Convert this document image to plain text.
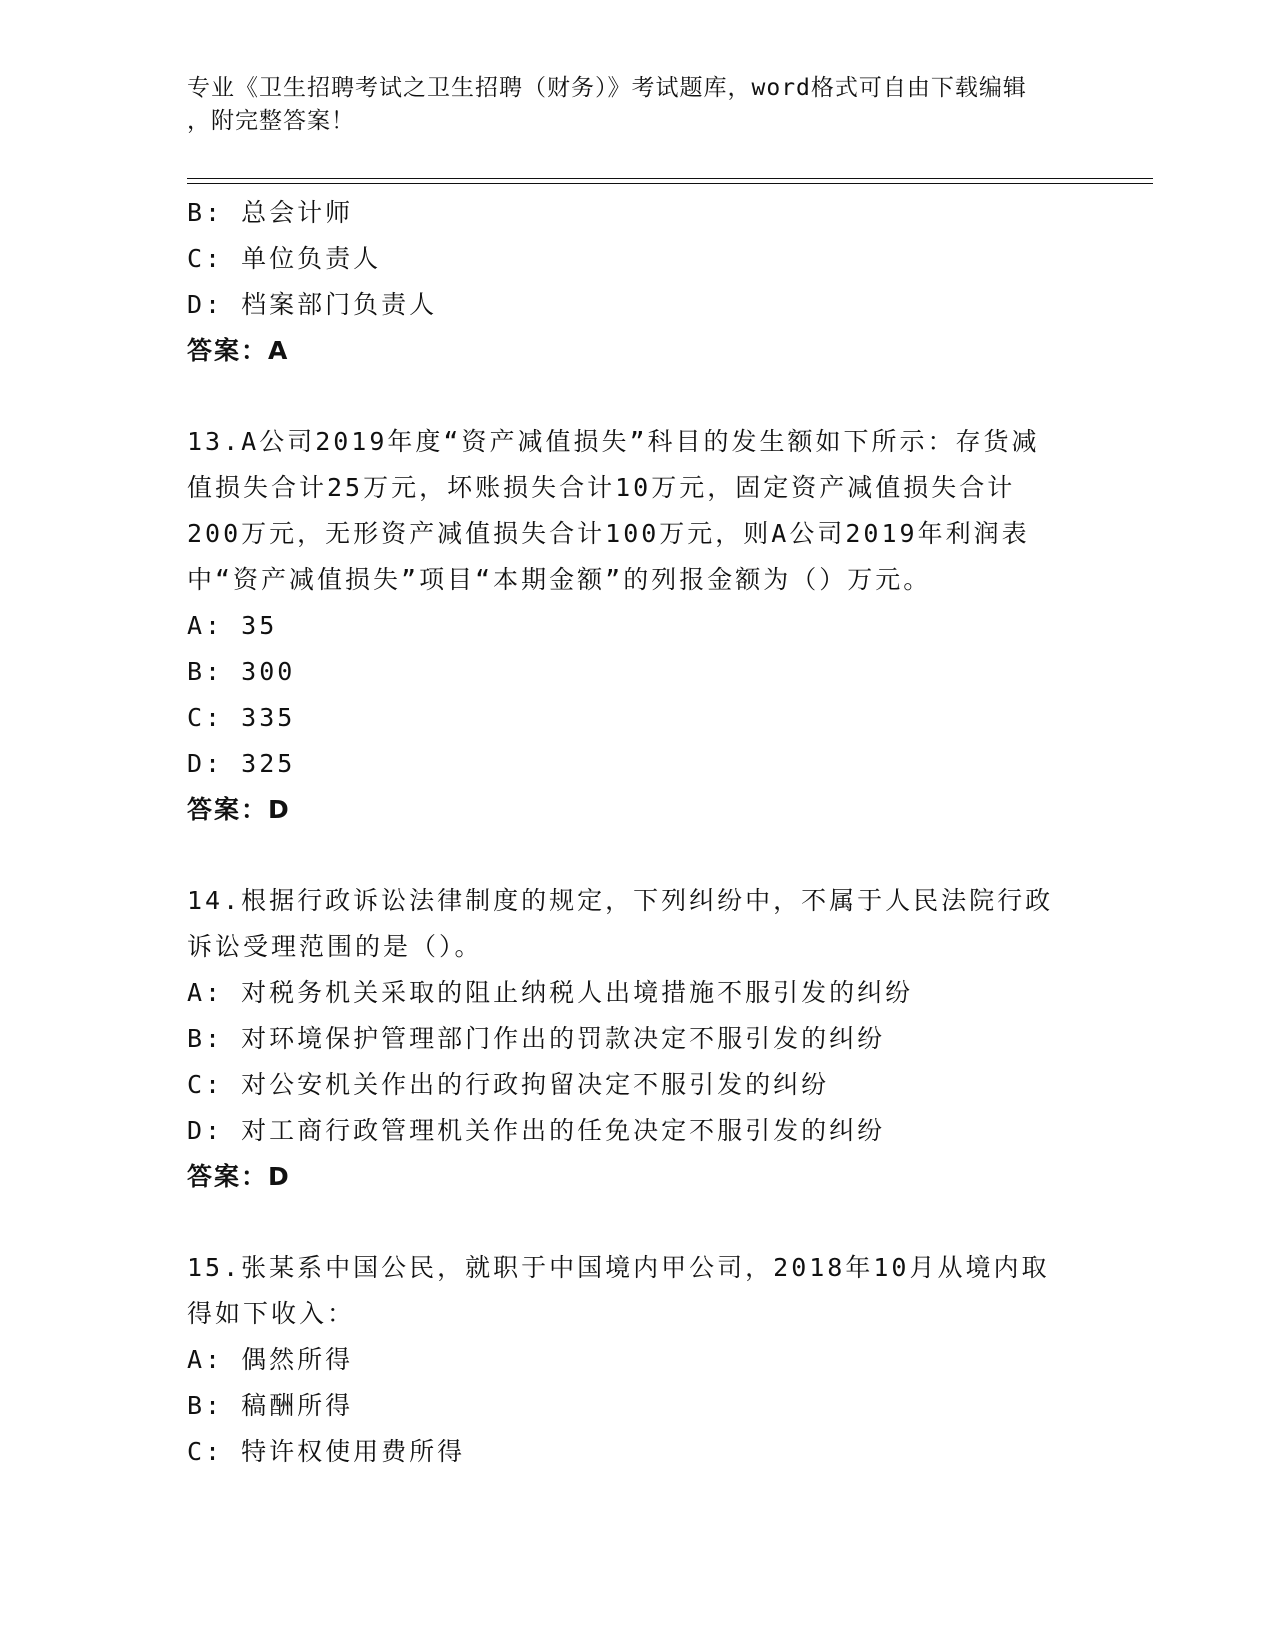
专业《卫生招聘考试之卫生招聘（财务）》考试题库，word格式可自由下载编辑
，附完整答案！
B: 总会计师
C: 单位负责人
D: 档案部门负责人
答案：A
13.A公司2019年度“资产减值损失”科目的发生额如下所示：存货减
值损失合计25万元，坏账损失合计10万元，固定资产减值损失合计
200万元，无形资产减值损失合计100万元，则A公司2019年利润表
中“资产减值损失”项目“本期金额”的列报金额为（）万元。
A: 35
B: 300
C: 335
D: 325
答案：D
14.根据行政诉讼法律制度的规定，下列纠纷中，不属于人民法院行政
诉讼受理范围的是（）。
A: 对税务机关采取的阻止纳税人出境措施不服引发的纠纷
B: 对环境保护管理部门作出的罚款决定不服引发的纠纷
C: 对公安机关作出的行政拘留决定不服引发的纠纷
D: 对工商行政管理机关作出的任免决定不服引发的纠纷
答案：D
15.张某系中国公民，就职于中国境内甲公司，2018年10月从境内取
得如下收入：
A: 偶然所得
B: 稿酬所得
C: 特许权使用费所得
